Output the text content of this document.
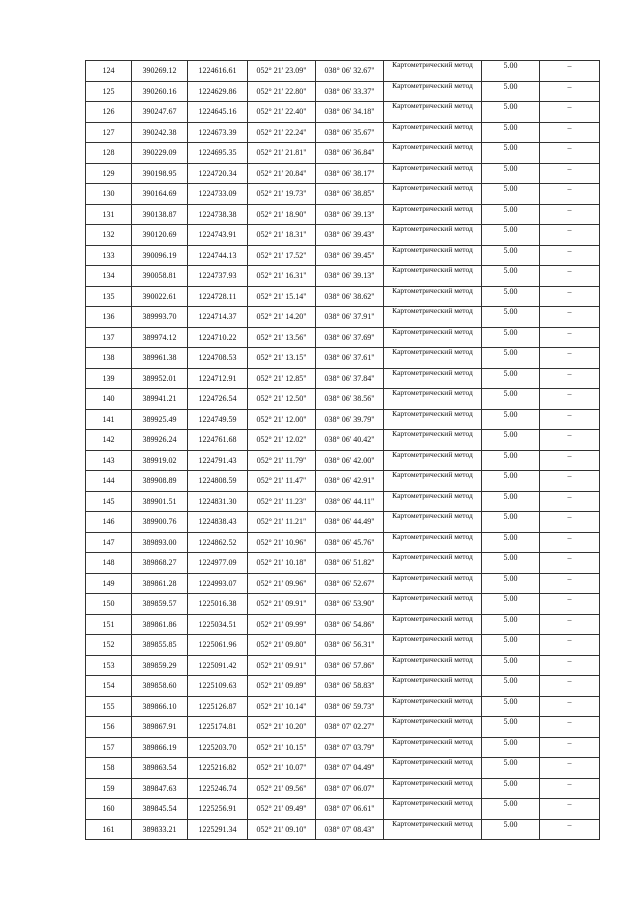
124	390269.12	1224616.61	052° 21' 23.09"	038° 06' 32.67"	Картометрический метод	5.00	–
125	390260.16	1224629.86	052° 21' 22.80"	038° 06' 33.37"	Картометрический метод	5.00	–
126	390247.67	1224645.16	052° 21' 22.40"	038° 06' 34.18"	Картометрический метод	5.00	–
127	390242.38	1224673.39	052° 21' 22.24"	038° 06' 35.67"	Картометрический метод	5.00	–
128	390229.09	1224695.35	052° 21' 21.81"	038° 06' 36.84"	Картометрический метод	5.00	–
129	390198.95	1224720.34	052° 21' 20.84"	038° 06' 38.17"	Картометрический метод	5.00	–
130	390164.69	1224733.09	052° 21' 19.73"	038° 06' 38.85"	Картометрический метод	5.00	–
131	390138.87	1224738.38	052° 21' 18.90"	038° 06' 39.13"	Картометрический метод	5.00	–
132	390120.69	1224743.91	052° 21' 18.31"	038° 06' 39.43"	Картометрический метод	5.00	–
133	390096.19	1224744.13	052° 21' 17.52"	038° 06' 39.45"	Картометрический метод	5.00	–
134	390058.81	1224737.93	052° 21' 16.31"	038° 06' 39.13"	Картометрический метод	5.00	–
135	390022.61	1224728.11	052° 21' 15.14"	038° 06' 38.62"	Картометрический метод	5.00	–
136	389993.70	1224714.37	052° 21' 14.20"	038° 06' 37.91"	Картометрический метод	5.00	–
137	389974.12	1224710.22	052° 21' 13.56"	038° 06' 37.69"	Картометрический метод	5.00	–
138	389961.38	1224708.53	052° 21' 13.15"	038° 06' 37.61"	Картометрический метод	5.00	–
139	389952.01	1224712.91	052° 21' 12.85"	038° 06' 37.84"	Картометрический метод	5.00	–
140	389941.21	1224726.54	052° 21' 12.50"	038° 06' 38.56"	Картометрический метод	5.00	–
141	389925.49	1224749.59	052° 21' 12.00"	038° 06' 39.79"	Картометрический метод	5.00	–
142	389926.24	1224761.68	052° 21' 12.02"	038° 06' 40.42"	Картометрический метод	5.00	–
143	389919.02	1224791.43	052° 21' 11.79"	038° 06' 42.00"	Картометрический метод	5.00	–
144	389908.89	1224808.59	052° 21' 11.47"	038° 06' 42.91"	Картометрический метод	5.00	–
145	389901.51	1224831.30	052° 21' 11.23"	038° 06' 44.11"	Картометрический метод	5.00	–
146	389900.76	1224838.43	052° 21' 11.21"	038° 06' 44.49"	Картометрический метод	5.00	–
147	389893.00	1224862.52	052° 21' 10.96"	038° 06' 45.76"	Картометрический метод	5.00	–
148	389868.27	1224977.09	052° 21' 10.18"	038° 06' 51.82"	Картометрический метод	5.00	–
149	389861.28	1224993.07	052° 21' 09.96"	038° 06' 52.67"	Картометрический метод	5.00	–
150	389859.57	1225016.38	052° 21' 09.91"	038° 06' 53.90"	Картометрический метод	5.00	–
151	389861.86	1225034.51	052° 21' 09.99"	038° 06' 54.86"	Картометрический метод	5.00	–
152	389855.85	1225061.96	052° 21' 09.80"	038° 06' 56.31"	Картометрический метод	5.00	–
153	389859.29	1225091.42	052° 21' 09.91"	038° 06' 57.86"	Картометрический метод	5.00	–
154	389858.60	1225109.63	052° 21' 09.89"	038° 06' 58.83"	Картометрический метод	5.00	–
155	389866.10	1225126.87	052° 21' 10.14"	038° 06' 59.73"	Картометрический метод	5.00	–
156	389867.91	1225174.81	052° 21' 10.20"	038° 07' 02.27"	Картометрический метод	5.00	–
157	389866.19	1225203.70	052° 21' 10.15"	038° 07' 03.79"	Картометрический метод	5.00	–
158	389863.54	1225216.82	052° 21' 10.07"	038° 07' 04.49"	Картометрический метод	5.00	–
159	389847.63	1225246.74	052° 21' 09.56"	038° 07' 06.07"	Картометрический метод	5.00	–
160	389845.54	1225256.91	052° 21' 09.49"	038° 07' 06.61"	Картометрический метод	5.00	–
161	389833.21	1225291.34	052° 21' 09.10"	038° 07' 08.43"	Картометрический метод	5.00	–
